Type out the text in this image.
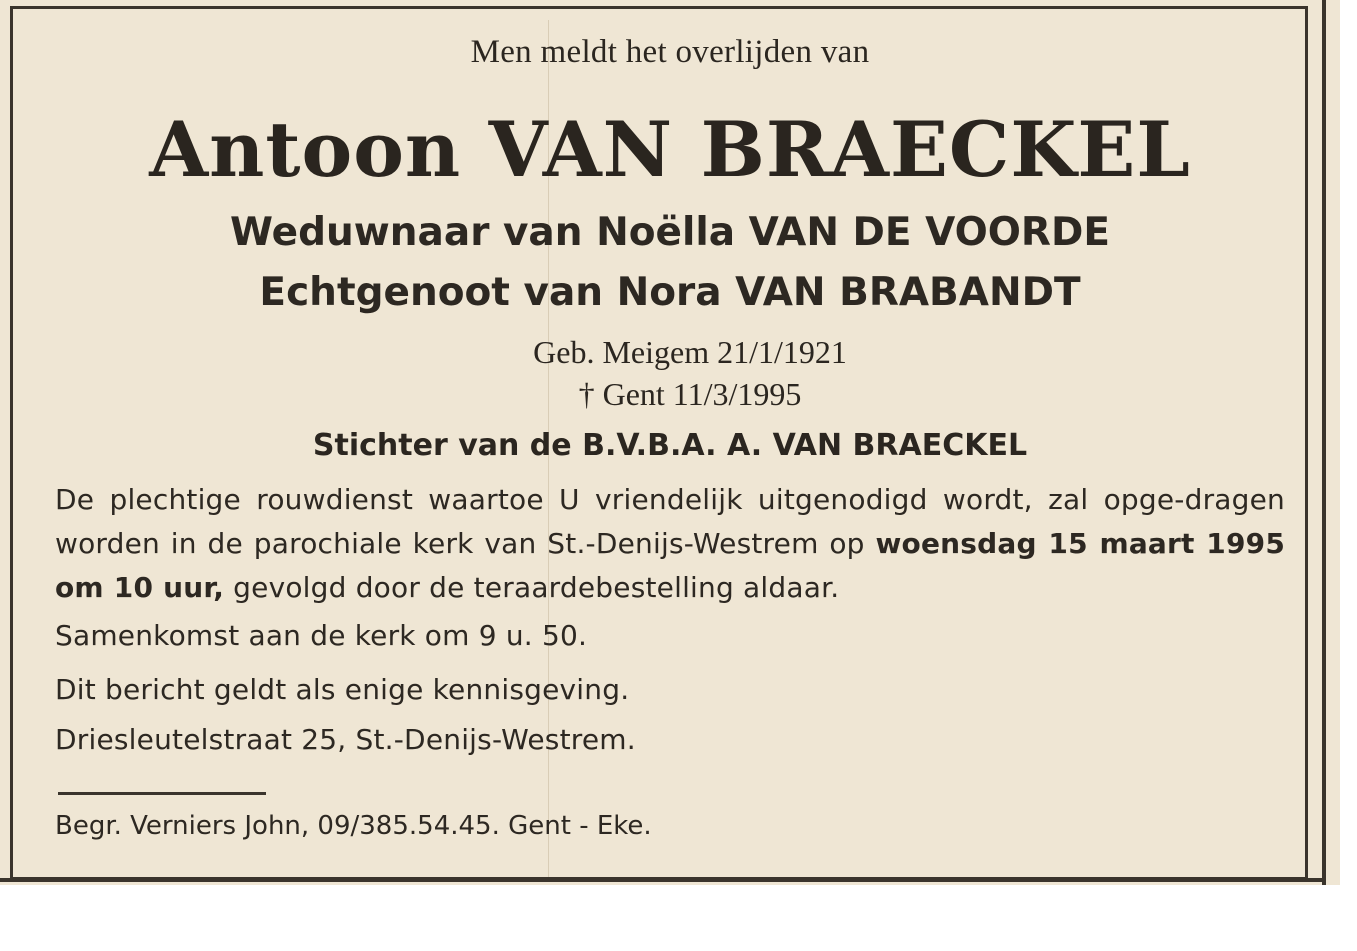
Men meldt het overlijden van
Antoon VAN BRAECKEL
Weduwnaar van Noëlla VAN DE VOORDE
Echtgenoot van Nora VAN BRABANDT
Geb. Meigem 21/1/1921
† Gent 11/3/1995
Stichter van de B.V.B.A. A. VAN BRAECKEL
De plechtige rouwdienst waartoe U vriendelijk uitgenodigd wordt, zal opge-dragen worden in de parochiale kerk van St.-Denijs-Westrem op woensdag 15 maart 1995 om 10 uur, gevolgd door de teraardebestelling aldaar.
Samenkomst aan de kerk om 9 u. 50.
Dit bericht geldt als enige kennisgeving.
Driesleutelstraat 25, St.-Denijs-Westrem.
Begr. Verniers John, 09/385.54.45. Gent - Eke.
